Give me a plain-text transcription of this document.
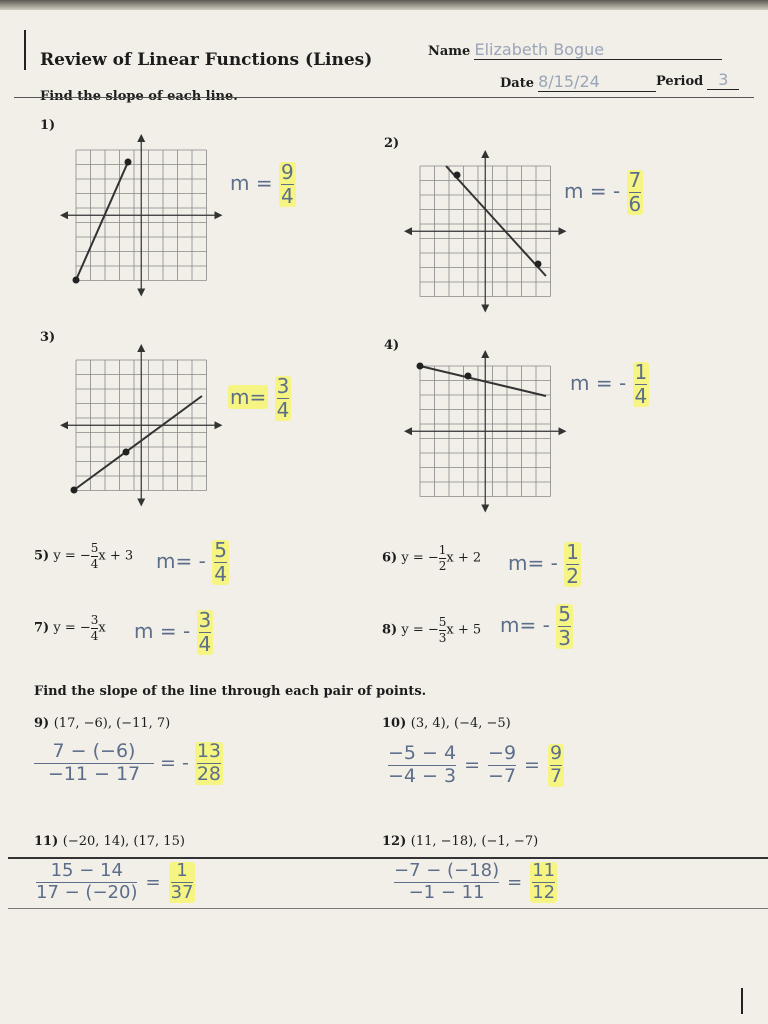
Review of Linear Functions (Lines)	Name Elizabeth Bogue
Date 8/15/24	Period 3
Find the slope of each line.
1)
2)
3)
4)
$m = \frac{9}{4}$	m = - $\frac{7}{6}$
$m= \frac{3}{4}$	m = - $\frac{1}{4}$
5) y = − $\frac{5}{4}$ x + 3 $m= - \frac{5}{4}$	6) y = − $\frac{1}{2}$ x + 2 $m= - \frac{1}{2}$
7) y = − $\frac{3}{4}$ x m = - $\frac{3}{4}$	8) y = − $\frac{5}{3}$ x + 5 $m= - \frac{5}{3}$
Find the slope of the line through each pair of points.
9) (17, −6), (−11, 7)
$\frac{7 - (-6)}{-11 - 17}$ = - $\frac{13}{28}$
10) (3, 4), (−4, −5)
$\frac{-5 - 4}{-4 - 3} = \frac{-9}{-7} = \frac{9}{7}$
11) (−20, 14), (17, 15)
$\frac{15 - 14}{17 - (-20)} = \frac{1}{37}$
12) (11, −18), (−1, −7)
$\frac{-7 - (-18)}{-1 - 11} = \frac{11}{12}$
